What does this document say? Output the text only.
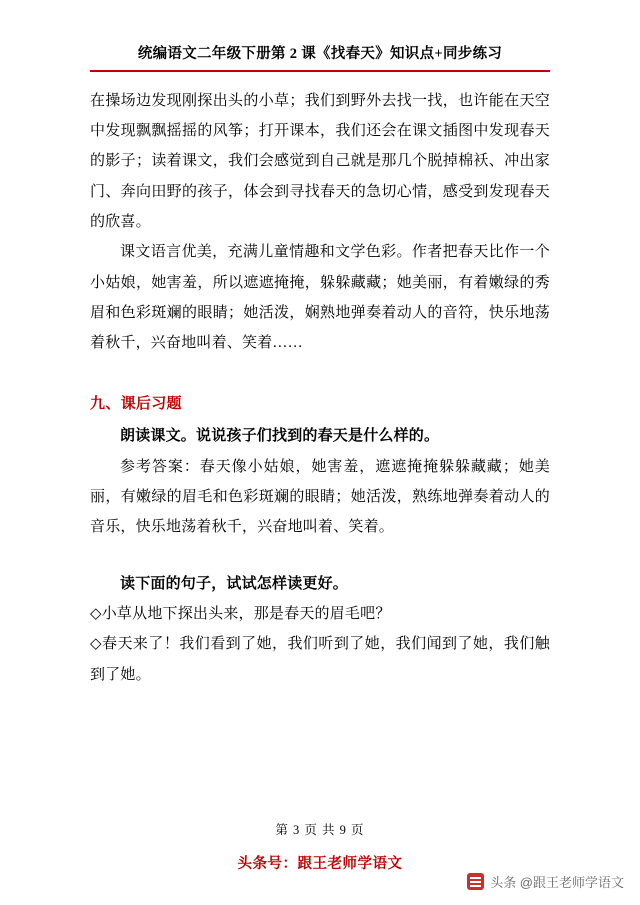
统编语文二年级下册第 2 课《找春天》知识点+同步练习

在操场边发现刚探出头的小草；我们到野外去找一找，也许能在天空中发现飘飘摇摇的风筝；打开课本，我们还会在课文插图中发现春天的影子；读着课文，我们会感觉到自己就是那几个脱掉棉袄、冲出家门、奔向田野的孩子，体会到寻找春天的急切心情，感受到发现春天的欣喜。

课文语言优美，充满儿童情趣和文学色彩。作者把春天比作一个小姑娘，她害羞，所以遮遮掩掩，躲躲藏藏；她美丽，有着嫩绿的秀眉和色彩斑斓的眼睛；她活泼，娴熟地弹奏着动人的音符，快乐地荡着秋千，兴奋地叫着、笑着……

九、课后习题

朗读课文。说说孩子们找到的春天是什么样的。

参考答案：春天像小姑娘，她害羞，遮遮掩掩躲躲藏藏；她美丽，有嫩绿的眉毛和色彩斑斓的眼睛；她活泼，熟练地弹奏着动人的音乐，快乐地荡着秋千，兴奋地叫着、笑着。

读下面的句子，试试怎样读更好。

◇小草从地下探出头来，那是春天的眉毛吧？

◇春天来了！我们看到了她，我们听到了她，我们闻到了她，我们触到了她。

第 3 页 共 9 页
头条号：跟王老师学语文
头条 @跟王老师学语文
